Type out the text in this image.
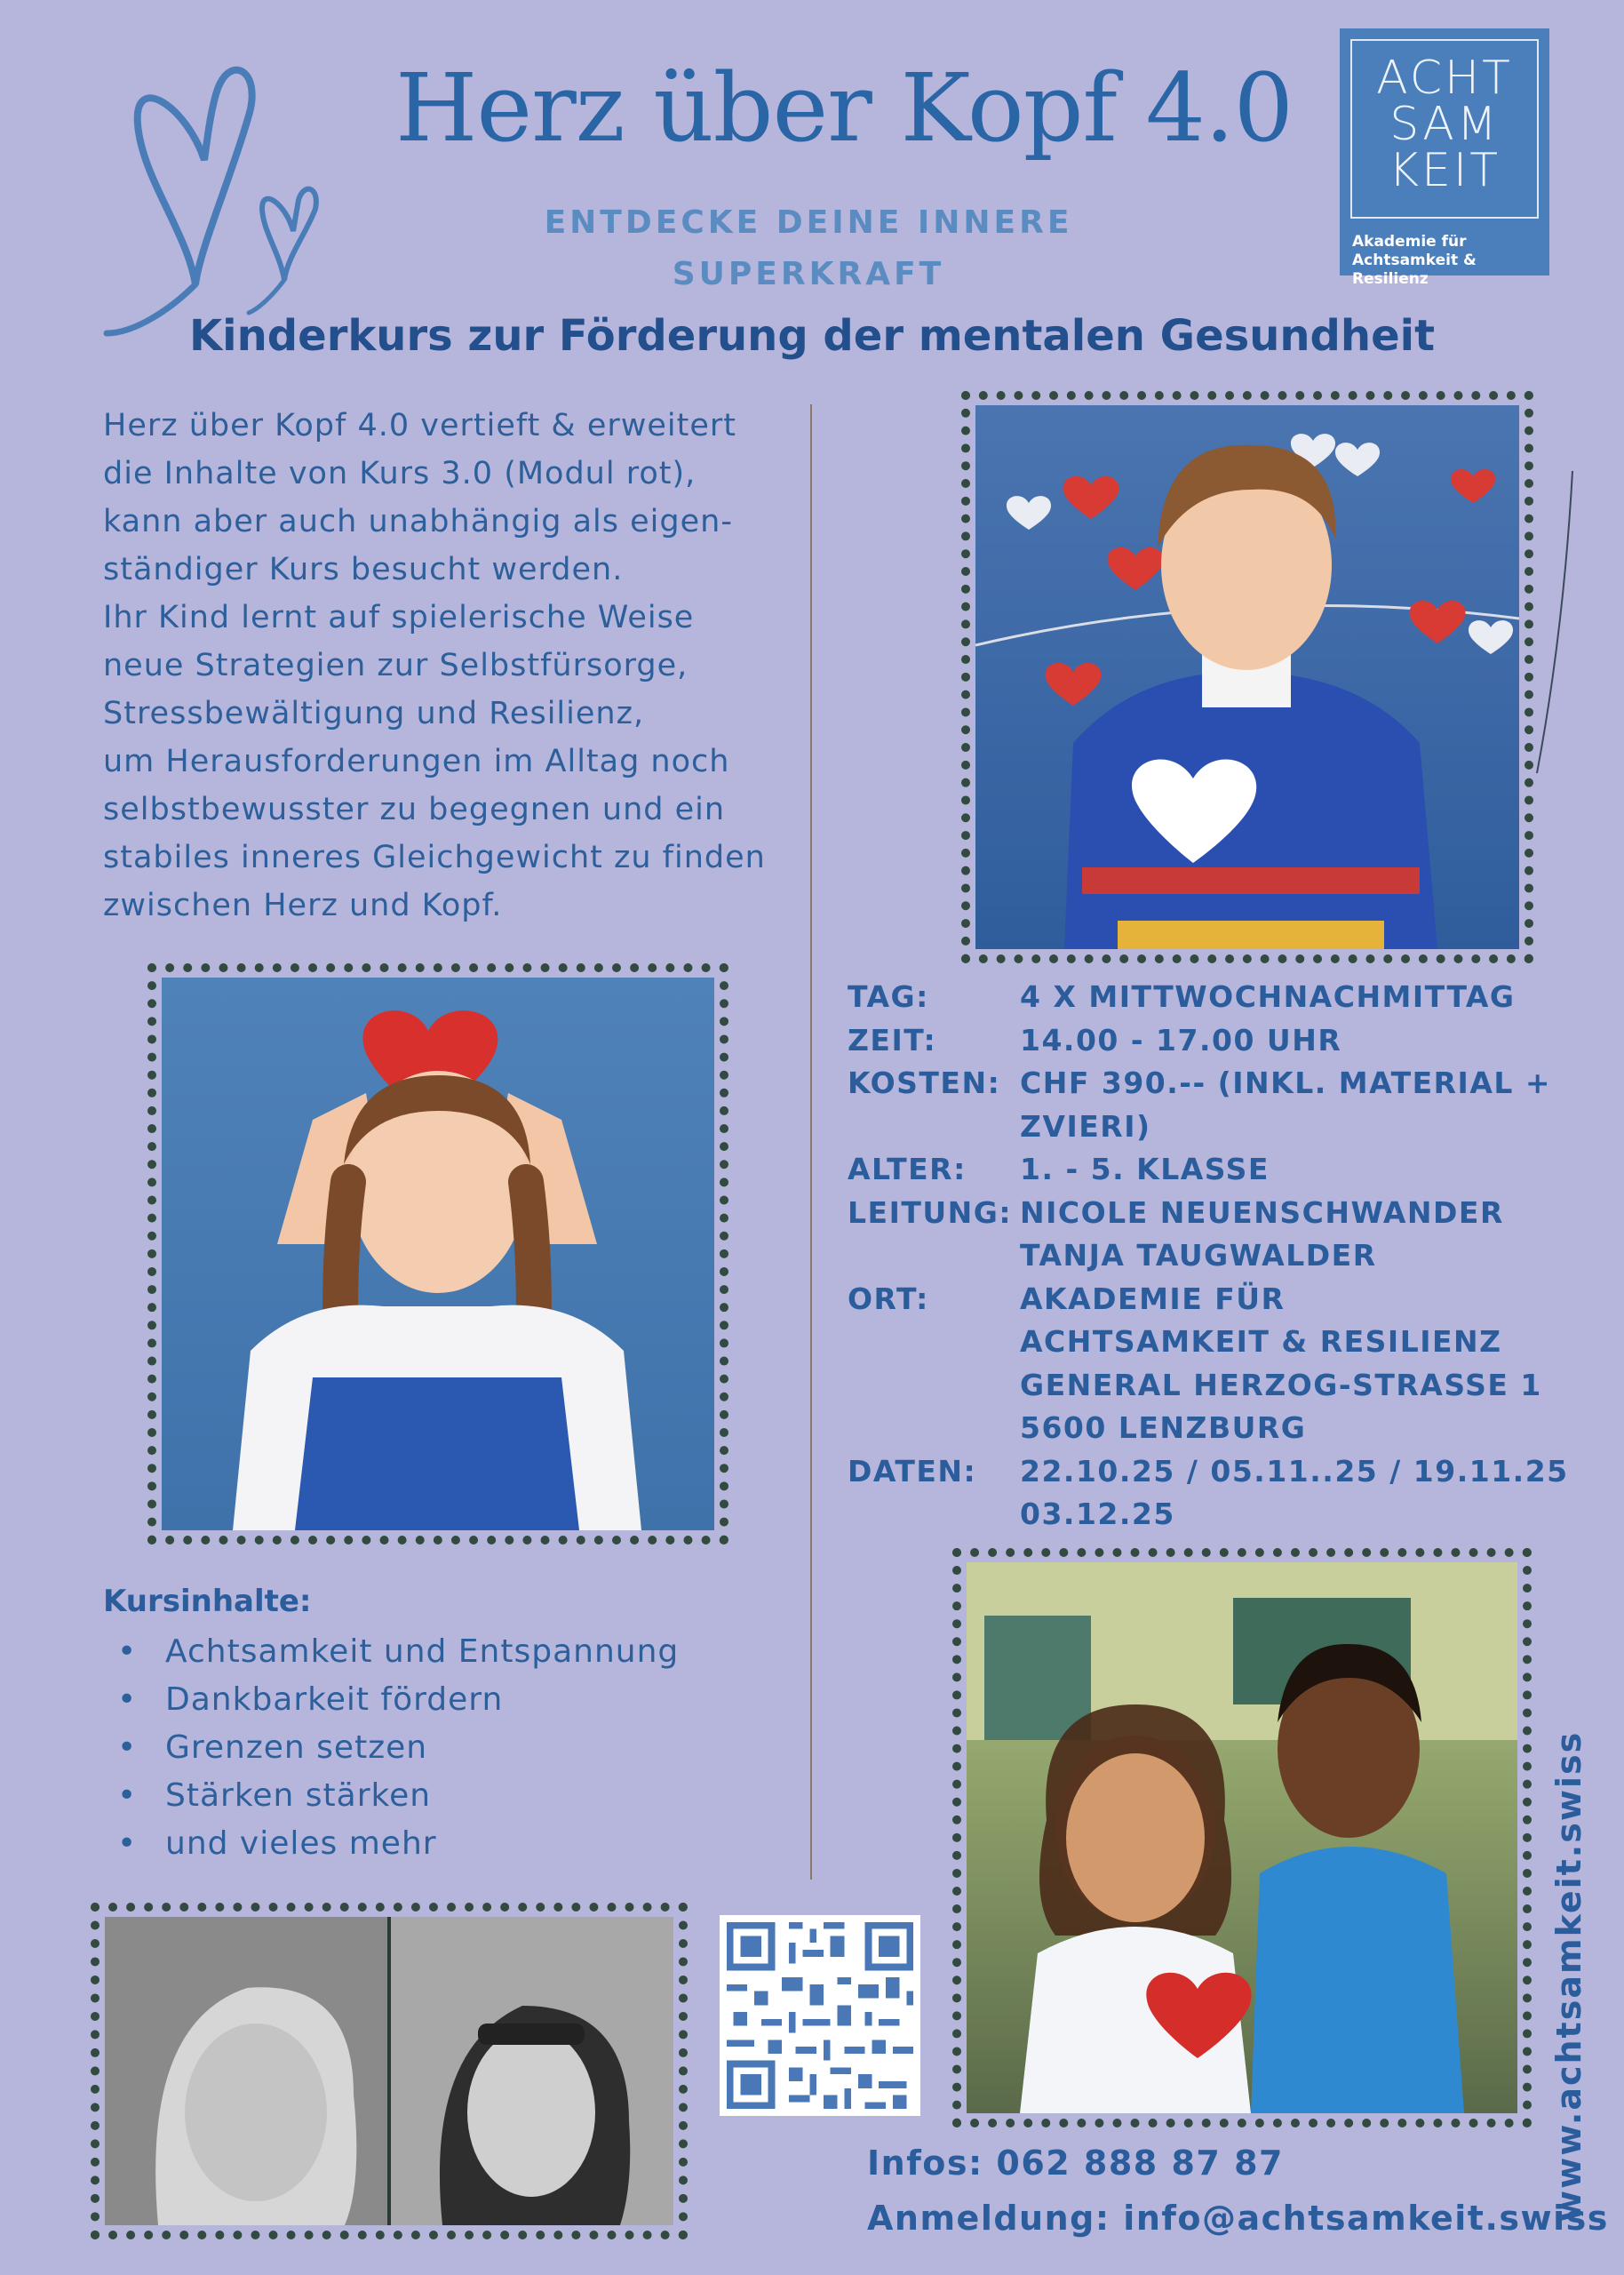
Herz über Kopf 4.0
ENTDECKE DEINE INNERE
SUPERKRAFT
ACHT
SAM
KEIT
Akademie für
Achtsamkeit & Resilienz
Kinderkurs zur Förderung der mentalen Gesundheit
Herz über Kopf 4.0 vertieft & erweitert
die Inhalte von Kurs 3.0 (Modul rot),
kann aber auch unabhängig als eigen-
ständiger Kurs besucht werden.
Ihr Kind lernt auf spielerische Weise
neue Strategien zur Selbstfürsorge,
Stressbewältigung und Resilienz,
um Herausforderungen im Alltag noch
selbstbewusster zu begegnen und ein
stabiles inneres Gleichgewicht zu finden
zwischen Herz und Kopf.
TAG:	4 X MITTWOCHNACHMITTAG
ZEIT:	14.00 - 17.00 UHR
KOSTEN: CHF 390.-- (INKL. MATERIAL +
ZVIERI)
ALTER: 1. - 5. KLASSE
LEITUNG: NICOLE NEUENSCHWANDER
TANJA TAUGWALDER
ORT:	AKADEMIE FÜR
ACHTSAMKEIT & RESILIENZ
GENERAL HERZOG-STRASSE 1
5600 LENZBURG
DATEN: 22.10.25 / 05.11..25 / 19.11.25
03.12.25
Kursinhalte:
• Achtsamkeit und Entspannung
• Dankbarkeit fördern
• Grenzen setzen
• Stärken stärken
• und vieles mehr
Infos: 062 888 87 87
Anmeldung: info@achtsamkeit.swiss
www.achtsamkeit.swiss
